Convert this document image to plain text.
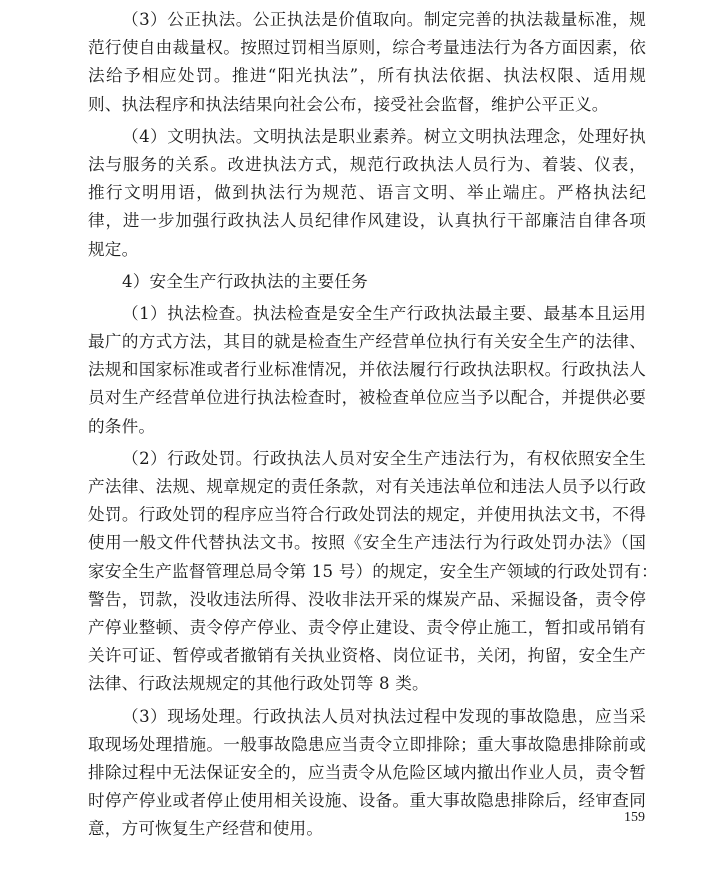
（3）公正执法。公正执法是价值取向。制定完善的执法裁量标准，规
范行使自由裁量权。按照过罚相当原则，综合考量违法行为各方面因素，依
法给予相应处罚。推进“阳光执法”，所有执法依据、执法权限、适用规
则、执法程序和执法结果向社会公布，接受社会监督，维护公平正义。
（4）文明执法。文明执法是职业素养。树立文明执法理念，处理好执
法与服务的关系。改进执法方式，规范行政执法人员行为、着装、仪表，
推行文明用语，做到执法行为规范、语言文明、举止端庄。严格执法纪
律，进一步加强行政执法人员纪律作风建设，认真执行干部廉洁自律各项
规定。
4）安全生产行政执法的主要任务
（1）执法检查。执法检查是安全生产行政执法最主要、最基本且运用
最广的方式方法，其目的就是检查生产经营单位执行有关安全生产的法律、
法规和国家标准或者行业标准情况，并依法履行行政执法职权。行政执法人
员对生产经营单位进行执法检查时，被检查单位应当予以配合，并提供必要
的条件。
（2）行政处罚。行政执法人员对安全生产违法行为，有权依照安全生
产法律、法规、规章规定的责任条款，对有关违法单位和违法人员予以行政
处罚。行政处罚的程序应当符合行政处罚法的规定，并使用执法文书，不得
使用一般文件代替执法文书。按照《安全生产违法行为行政处罚办法》（国
家安全生产监督管理总局令第 15 号）的规定，安全生产领域的行政处罚有：
警告，罚款，没收违法所得、没收非法开采的煤炭产品、采掘设备，责令停
产停业整顿、责令停产停业、责令停止建设、责令停止施工，暂扣或吊销有
关许可证、暂停或者撤销有关执业资格、岗位证书，关闭，拘留，安全生产
法律、行政法规规定的其他行政处罚等 8 类。
（3）现场处理。行政执法人员对执法过程中发现的事故隐患，应当采
取现场处理措施。一般事故隐患应当责令立即排除；重大事故隐患排除前或
排除过程中无法保证安全的，应当责令从危险区域内撤出作业人员，责令暂
时停产停业或者停止使用相关设施、设备。重大事故隐患排除后，经审查同
意，方可恢复生产经营和使用。
159
